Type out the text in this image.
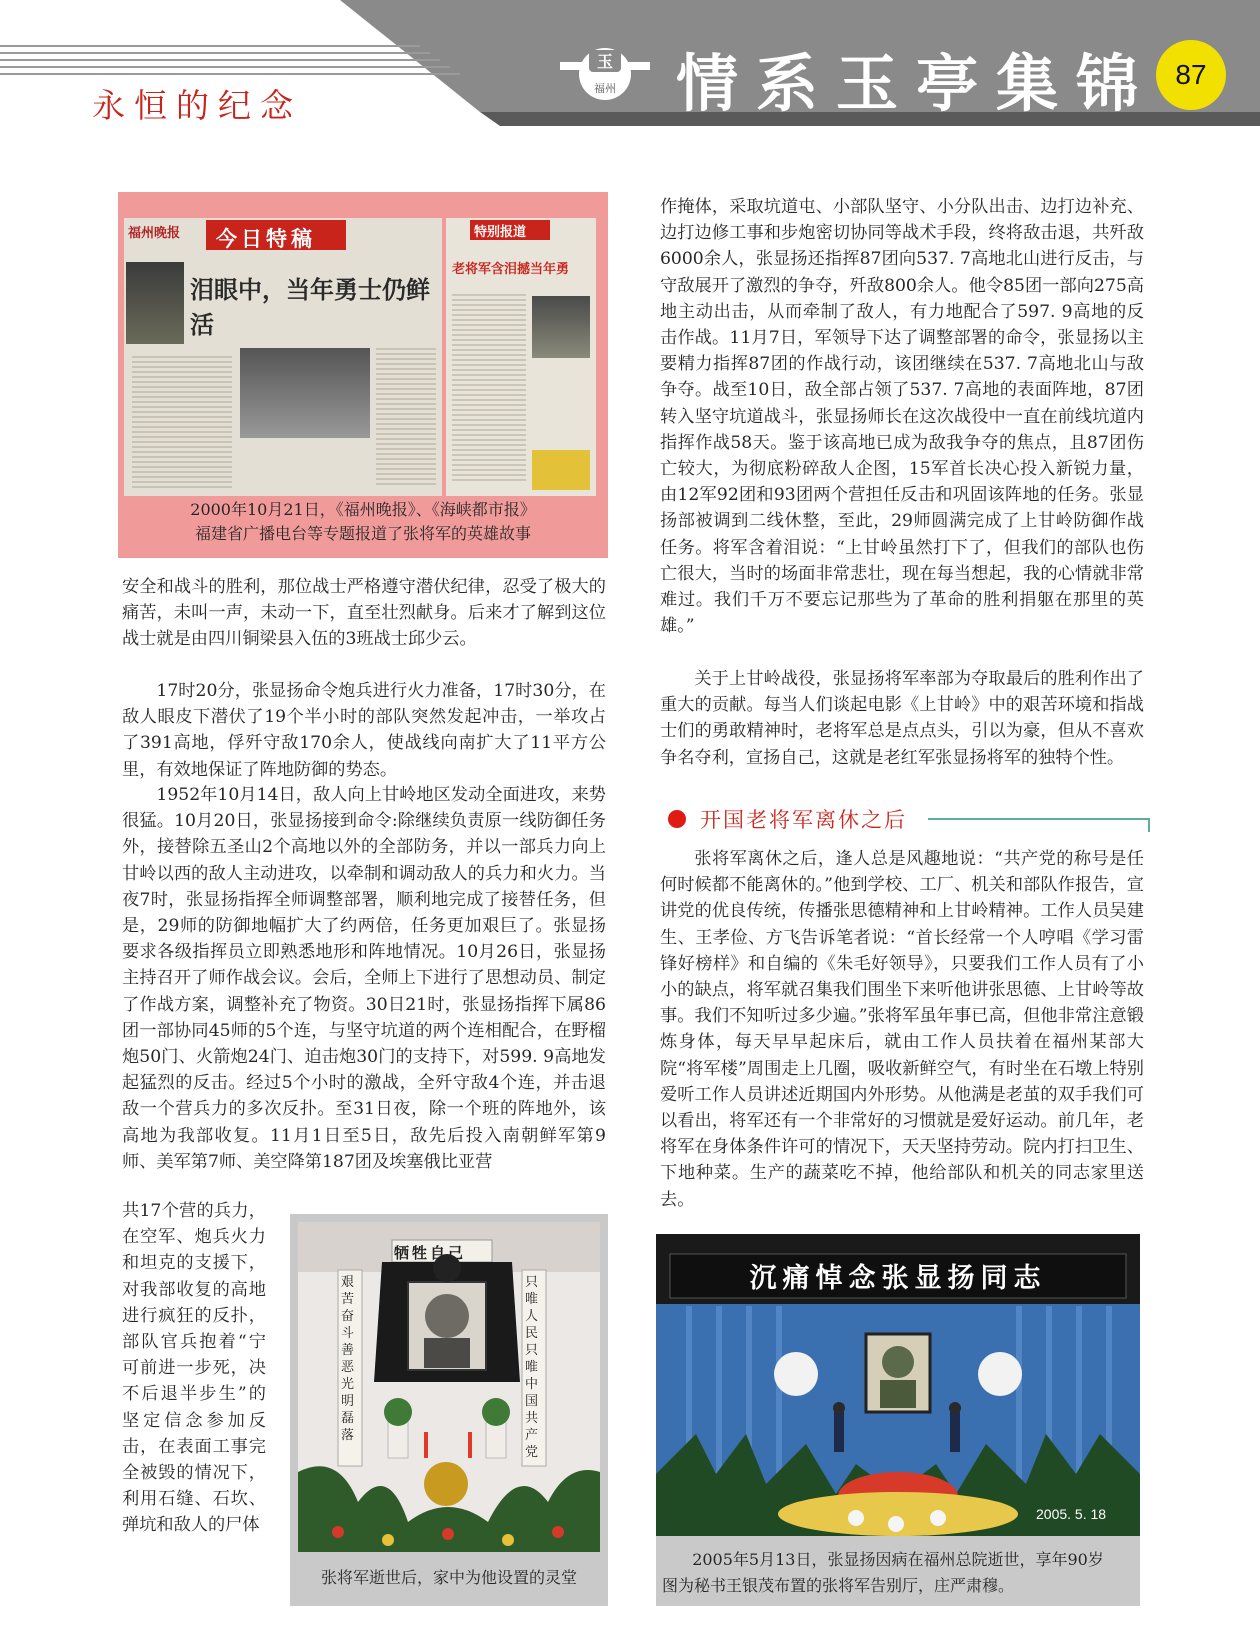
永恒的纪念
玉
福州 情系玉亭集锦 87
福州晚报 今日特稿
泪眼中，当年勇士仍鲜活
特别报道
老将军含泪撼当年勇
2000年10月21日，《福州晚报》、《海峡都市报》
福建省广播电台等专题报道了张将军的英雄故事

安全和战斗的胜利，那位战士严格遵守潜伏纪律，忍受了极大的痛苦，未叫一声，未动一下，直至壮烈献身。后来才了解到这位战士就是由四川铜梁县入伍的3班战士邱少云。

17时20分，张显扬命令炮兵进行火力准备，17时30分，在敌人眼皮下潜伏了19个半小时的部队突然发起冲击，一举攻占了391高地，俘歼守敌170余人，使战线向南扩大了11平方公里，有效地保证了阵地防御的势态。

1952年10月14日，敌人向上甘岭地区发动全面进攻，来势很猛。10月20日，张显扬接到命令:除继续负责原一线防御任务外，接替除五圣山2个高地以外的全部防务，并以一部兵力向上甘岭以西的敌人主动进攻，以牵制和调动敌人的兵力和火力。当夜7时，张显扬指挥全师调整部署，顺利地完成了接替任务，但是，29师的防御地幅扩大了约两倍，任务更加艰巨了。张显扬要求各级指挥员立即熟悉地形和阵地情况。10月26日，张显扬主持召开了师作战会议。会后，全师上下进行了思想动员、制定了作战方案，调整补充了物资。30日21时，张显扬指挥下属86团一部协同45师的5个连，与坚守坑道的两个连相配合，在野榴炮50门、火箭炮24门、迫击炮30门的支持下，对599. 9高地发起猛烈的反击。经过5个小时的激战，全歼守敌4个连，并击退敌一个营兵力的多次反扑。至31日夜，除一个班的阵地外，该高地为我部收复。11月1日至5日，敌先后投入南朝鲜军第9师、美军第7师、美空降第187团及埃塞俄比亚营

共17个营的兵力，在空军、炮兵火力和坦克的支援下，对我部收复的高地进行疯狂的反扑，部队官兵抱着“宁可前进一步死，决不后退半步生”的坚定信念参加反击，在表面工事完全被毁的情况下，利用石缝、石坎、弹坑和敌人的尸体

牺牲自己
艰苦奋斗善恶光明磊落
只唯人民只唯中国共产党
张将军逝世后，家中为他设置的灵堂

作掩体，采取坑道屯、小部队坚守、小分队出击、边打边补充、边打边修工事和步炮密切协同等战术手段，终将敌击退，共歼敌6000余人，张显扬还指挥87团向537. 7高地北山进行反击，与守敌展开了激烈的争夺，歼敌800余人。他令85团一部向275高地主动出击，从而牵制了敌人，有力地配合了597. 9高地的反击作战。11月7日，军领导下达了调整部署的命令，张显扬以主要精力指挥87团的作战行动，该团继续在537. 7高地北山与敌争夺。战至10日，敌全部占领了537. 7高地的表面阵地，87团转入坚守坑道战斗，张显扬师长在这次战役中一直在前线坑道内指挥作战58天。鉴于该高地已成为敌我争夺的焦点，且87团伤亡较大，为彻底粉碎敌人企图，15军首长决心投入新锐力量，由12军92团和93团两个营担任反击和巩固该阵地的任务。张显扬部被调到二线休整，至此，29师圆满完成了上甘岭防御作战任务。将军含着泪说：“上甘岭虽然打下了，但我们的部队也伤亡很大，当时的场面非常悲壮，现在每当想起，我的心情就非常难过。我们千万不要忘记那些为了革命的胜利捐躯在那里的英雄。”

关于上甘岭战役，张显扬将军率部为夺取最后的胜利作出了重大的贡献。每当人们谈起电影《上甘岭》中的艰苦环境和指战士们的勇敢精神时，老将军总是点点头，引以为豪，但从不喜欢争名夺利，宣扬自己，这就是老红军张显扬将军的独特个性。

开国老将军离休之后

张将军离休之后，逢人总是风趣地说：“共产党的称号是任何时候都不能离休的。”他到学校、工厂、机关和部队作报告，宣讲党的优良传统，传播张思德精神和上甘岭精神。工作人员吴建生、王孝俭、方飞告诉笔者说：“首长经常一个人哼唱《学习雷锋好榜样》和自编的《朱毛好领导》，只要我们工作人员有了小小的缺点，将军就召集我们围坐下来听他讲张思德、上甘岭等故事。我们不知听过多少遍。”张将军虽年事已高，但他非常注意锻炼身体，每天早早起床后，就由工作人员扶着在福州某部大院“将军楼”周围走上几圈，吸收新鲜空气，有时坐在石墩上特别爱听工作人员讲述近期国内外形势。从他满是老茧的双手我们可以看出，将军还有一个非常好的习惯就是爱好运动。前几年，老将军在身体条件许可的情况下，天天坚持劳动。院内打扫卫生、下地种菜。生产的蔬菜吃不掉，他给部队和机关的同志家里送去。

沉痛悼念张显扬同志
2005. 5. 18
2005年5月13日，张显扬因病在福州总院逝世，享年90岁
图为秘书王银茂布置的张将军告别厅，庄严肃穆。
